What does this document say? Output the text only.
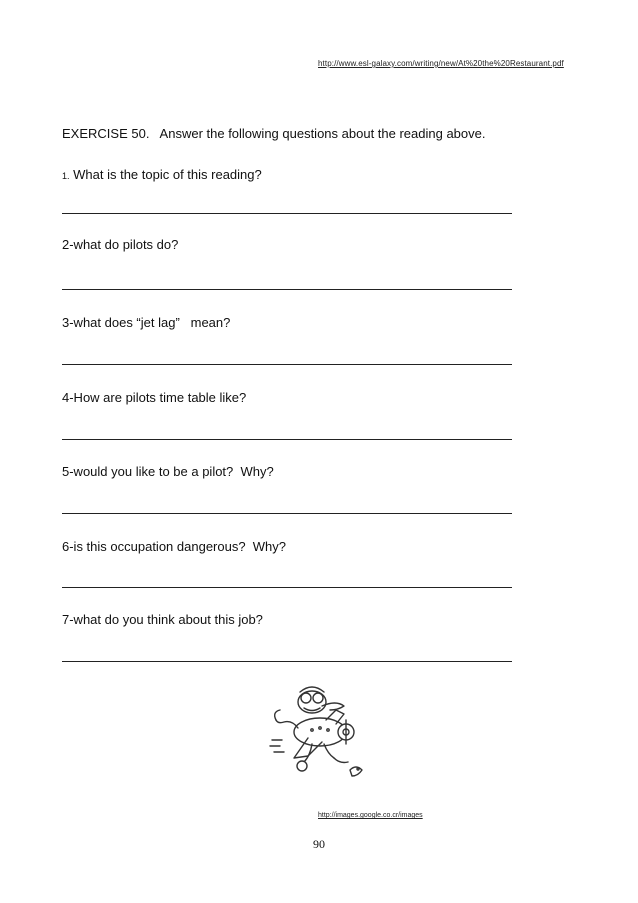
http://www.esl-galaxy.com/writing/new/At%20the%20Restaurant.pdf
EXERCISE 50.   Answer the following questions about the reading above.
1. What is the topic of this reading?
2-what do pilots do?
3-what does “jet lag”   mean?
4-How are pilots time table like?
5-would you like to be a pilot?  Why?
6-is this occupation dangerous?  Why?
7-what do you think about this job?
http://images.google.co.cr/images
90
